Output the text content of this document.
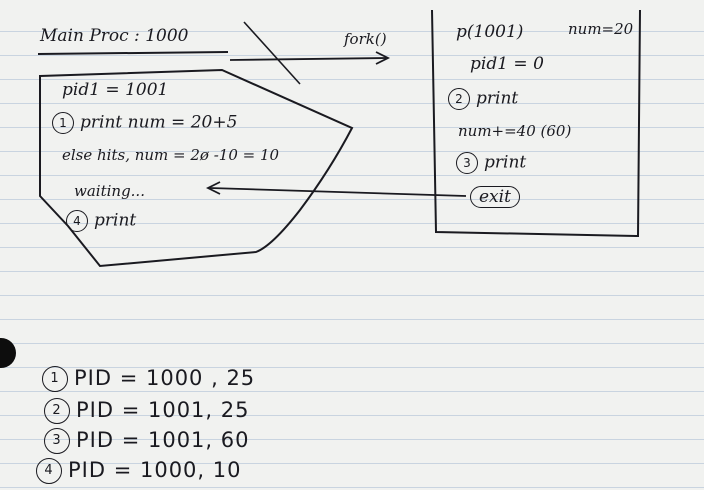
Main Proc : 1000	fork()
pid1 = 1001
1 print num = 20+5
else hits, num = 2ø -10 = 10
waiting...
4 print
p(1001)	num=20
pid1 = 0
2 print
num+=40 (60)
3 print
exit
1 PID = 1000 , 25
2 PID = 1001, 25
3 PID = 1001, 60
4 PID = 1000, 10
